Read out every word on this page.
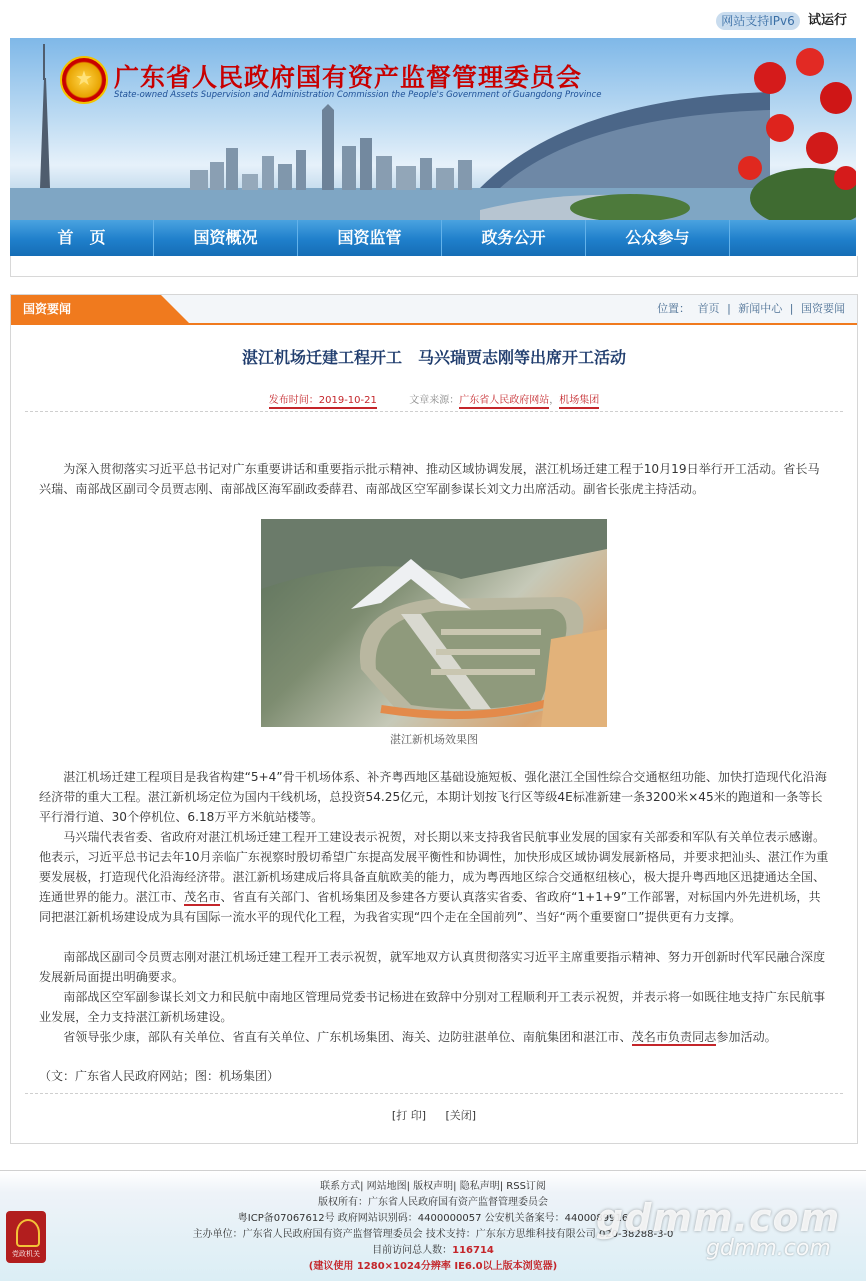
网站支持IPv6	试运行
★ 广东省人民政府国有资产监督管理委员会
State-owned Assets Supervision and Administration Commission the People's Government of Guangdong Province
首　页	国资概况	国资监管	政务公开	公众参与
国资要闻	位置： 首页 | 新闻中心 | 国资要闻
湛江机场迁建工程开工　马兴瑞贾志刚等出席开工活动
发布时间：2019-10-21	文章来源：广东省人民政府网站，机场集团

为深入贯彻落实习近平总书记对广东重要讲话和重要指示批示精神、推动区域协调发展，湛江机场迁建工程于10月19日举行开工活动。省长马兴瑞、南部战区副司令员贾志刚、南部战区海军副政委薛君、南部战区空军副参谋长刘文力出席活动。副省长张虎主持活动。

湛江新机场效果图

湛江机场迁建工程项目是我省构建“5+4”骨干机场体系、补齐粤西地区基础设施短板、强化湛江全国性综合交通枢纽功能、加快打造现代化沿海经济带的重大工程。湛江新机场定位为国内干线机场，总投资54.25亿元，本期计划按飞行区等级4E标准新建一条3200米×45米的跑道和一条等长平行滑行道、30个停机位、6.18万平方米航站楼等。

马兴瑞代表省委、省政府对湛江机场迁建工程开工建设表示祝贺，对长期以来支持我省民航事业发展的国家有关部委和军队有关单位表示感谢。他表示，习近平总书记去年10月亲临广东视察时殷切希望广东提高发展平衡性和协调性，加快形成区域协调发展新格局，并要求把汕头、湛江作为重要发展极，打造现代化沿海经济带。湛江新机场建成后将具备直航欧美的能力，成为粤西地区综合交通枢纽核心，极大提升粤西地区迅捷通达全国、连通世界的能力。湛江市、茂名市、省直有关部门、省机场集团及参建各方要认真落实省委、省政府“1+1+9”工作部署，对标国内外先进机场，共同把湛江新机场建设成为具有国际一流水平的现代化工程，为我省实现“四个走在全国前列”、当好“两个重要窗口”提供更有力支撑。

南部战区副司令员贾志刚对湛江机场迁建工程开工表示祝贺，就军地双方认真贯彻落实习近平主席重要指示精神、努力开创新时代军民融合深度发展新局面提出明确要求。

南部战区空军副参谋长刘文力和民航中南地区管理局党委书记杨进在致辞中分别对工程顺利开工表示祝贺，并表示将一如既往地支持广东民航事业发展，全力支持湛江新机场建设。

省领导张少康，部队有关单位、省直有关单位、广东机场集团、海关、边防驻湛单位、南航集团和湛江市、茂名市负责同志参加活动。

（文：广东省人民政府网站；图：机场集团）
[打 印] [关闭]
党政机关
联系方式| 网站地图| 版权声明| 隐私声明| RSS订阅
版权所有：广东省人民政府国有资产监督管理委员会
粤ICP备07067612号 政府网站识别码：4400000057 公安机关备案号：4400089916
主办单位：广东省人民政府国有资产监督管理委员会 技术支持：广东东方思维科技有限公司 020-38288-3-0
目前访问总人数：116714
(建议使用 1280×1024分辨率 IE6.0以上版本浏览器)
gdmm.com
gdmm.com
